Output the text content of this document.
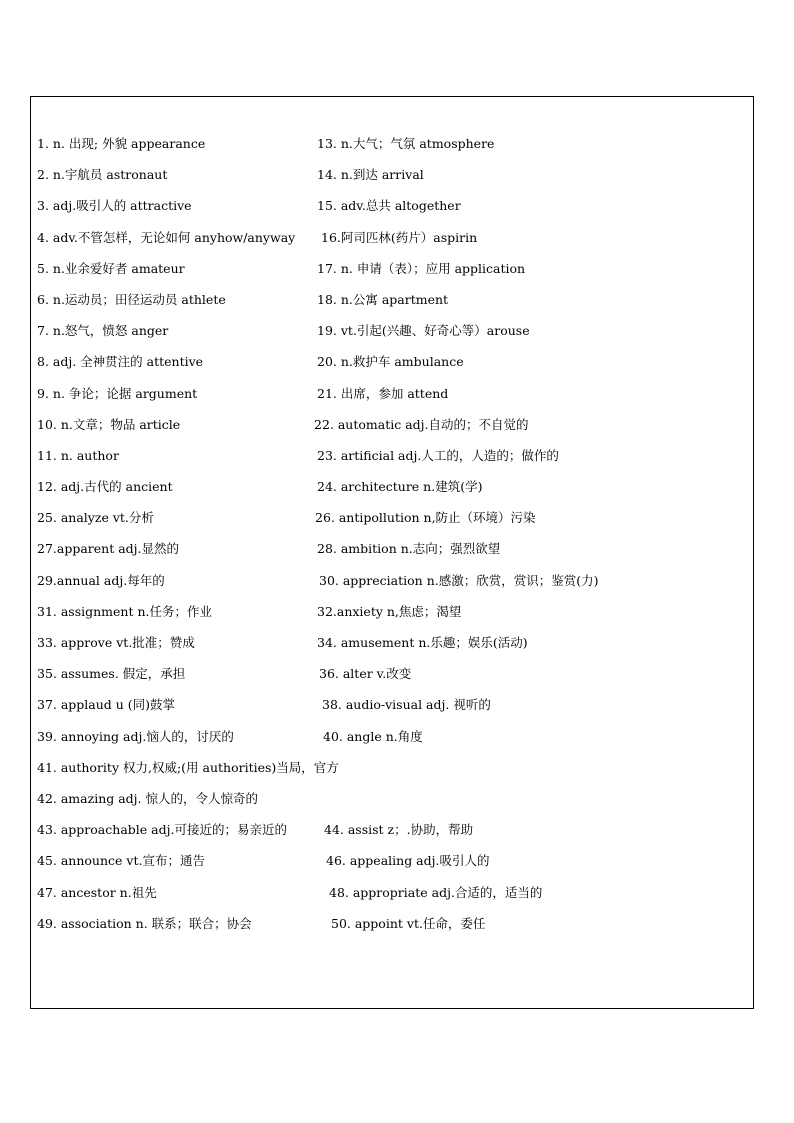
1. n. 出现; 外貌 appearance	13. n.大气；气氛 atmosphere
2. n.宇航员 astronaut	14. n.到达 arrival
3. adj.吸引人的 attractive	15. adv.总共 altogether
4. adv.不管怎样，无论如何 anyhow/anyway 16.阿司匹林(药片）aspirin
5. n.业余爱好者 amateur	17. n. 申请（表）；应用 application
6. n.运动员；田径运动员 athlete	18. n.公寓 apartment
7. n.怒气，愤怒 anger	19. vt.引起(兴趣、好奇心等）arouse
8. adj. 全神贯注的 attentive	20. n.救护车 ambulance
9. n. 争论；论据 argument	21. 出席，参加 attend
10. n.文章；物品 article	22. automatic adj.自动的；不自觉的
11. n. author	23. artificial adj.人工的，人造的；做作的
12. adj.古代的 ancient	24. architecture n.建筑(学)
25. analyze vt.分析	26. antipollution n,防止（环境）污染
27.apparent adj.显然的	28. ambition n.志向；强烈欲望
29.annual adj.每年的	30. appreciation n.感激；欣赏，赏识；鉴赏(力)
31. assignment n.任务；作业	32.anxiety n,焦虑；渴望
33. approve vt.批准；赞成	34. amusement n.乐趣；娱乐(活动)
35. assumes. 假定，承担	36. alter v.改变
37. applaud u (同)鼓掌	38. audio-visual adj. 视听的
39. annoying adj.恼人的，讨厌的	40. angle n.角度
41. authority 权力,权威;(用 authorities)当局，官方
42. amazing adj. 惊人的，令人惊奇的
43. approachable adj.可接近的；易亲近的	44. assist z；.协助，帮助
45. announce vt.宣布；通告	46. appealing adj.吸引人的
47. ancestor n.祖先	48. appropriate adj.合适的，适当的
49. association n. 联系；联合；协会	50. appoint vt.任命，委任
